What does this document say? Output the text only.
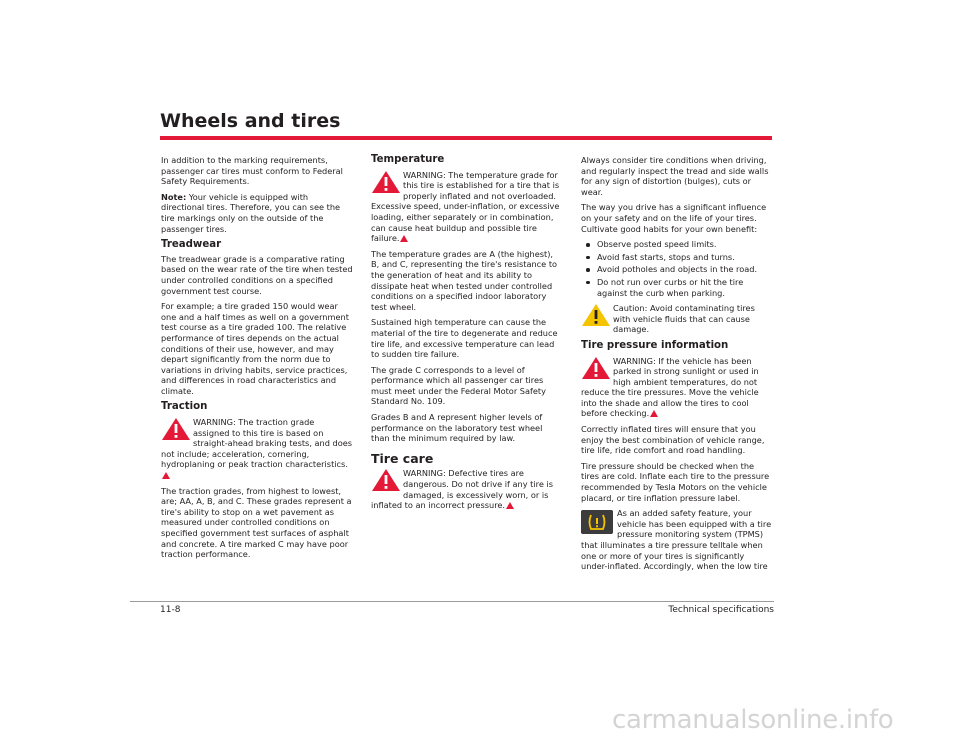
Wheels and tires

In addition to the marking requirements, passenger car tires must conform to Federal Safety Requirements.

Note: Your vehicle is equipped with directional tires. Therefore, you can see the tire markings only on the outside of the passenger tires.

Treadwear

The treadwear grade is a comparative rating based on the wear rate of the tire when tested under controlled conditions on a specified government test course.

For example; a tire graded 150 would wear one and a half times as well on a government test course as a tire graded 100. The relative performance of tires depends on the actual conditions of their use, however, and may depart significantly from the norm due to variations in driving habits, service practices, and differences in road characteristics and climate.

Traction
WARNING: The traction grade assigned to this tire is based on straight-ahead braking tests, and does not include; acceleration, cornering, hydroplaning or peak traction characteristics.

The traction grades, from highest to lowest, are; AA, A, B, and C. These grades represent a tire's ability to stop on a wet pavement as measured under controlled conditions on specified government test surfaces of asphalt and concrete. A tire marked C may have poor traction performance.

Temperature
WARNING: The temperature grade for this tire is established for a tire that is properly inflated and not overloaded. Excessive speed, under-inflation, or excessive loading, either separately or in combination, can cause heat buildup and possible tire failure.

The temperature grades are A (the highest), B, and C, representing the tire's resistance to the generation of heat and its ability to dissipate heat when tested under controlled conditions on a specified indoor laboratory test wheel.

Sustained high temperature can cause the material of the tire to degenerate and reduce tire life, and excessive temperature can lead to sudden tire failure.

The grade C corresponds to a level of performance which all passenger car tires must meet under the Federal Motor Safety Standard No. 109.

Grades B and A represent higher levels of performance on the laboratory test wheel than the minimum required by law.

Tire care
WARNING: Defective tires are dangerous. Do not drive if any tire is damaged, is excessively worn, or is inflated to an incorrect pressure.

Always consider tire conditions when driving, and regularly inspect the tread and side walls for any sign of distortion (bulges), cuts or wear.

The way you drive has a significant influence on your safety and on the life of your tires. Cultivate good habits for your own benefit:

Observe posted speed limits.
Avoid fast starts, stops and turns.
Avoid potholes and objects in the road.
Do not run over curbs or hit the tire against the curb when parking.
Caution: Avoid contaminating tires with vehicle fluids that can cause damage.
Tire pressure information
WARNING: If the vehicle has been parked in strong sunlight or used in high ambient temperatures, do not reduce the tire pressures. Move the vehicle into the shade and allow the tires to cool before checking.

Correctly inflated tires will ensure that you enjoy the best combination of vehicle range, tire life, ride comfort and road handling.

Tire pressure should be checked when the tires are cold. Inflate each tire to the pressure recommended by Tesla Motors on the vehicle placard, or tire inflation pressure label.

As an added safety feature, your vehicle has been equipped with a tire pressure monitoring system (TPMS) that illuminates a tire pressure telltale when one or more of your tires is significantly under-inflated. Accordingly, when the low tire

11-8	Technical specifications
carmanualsonline.info
